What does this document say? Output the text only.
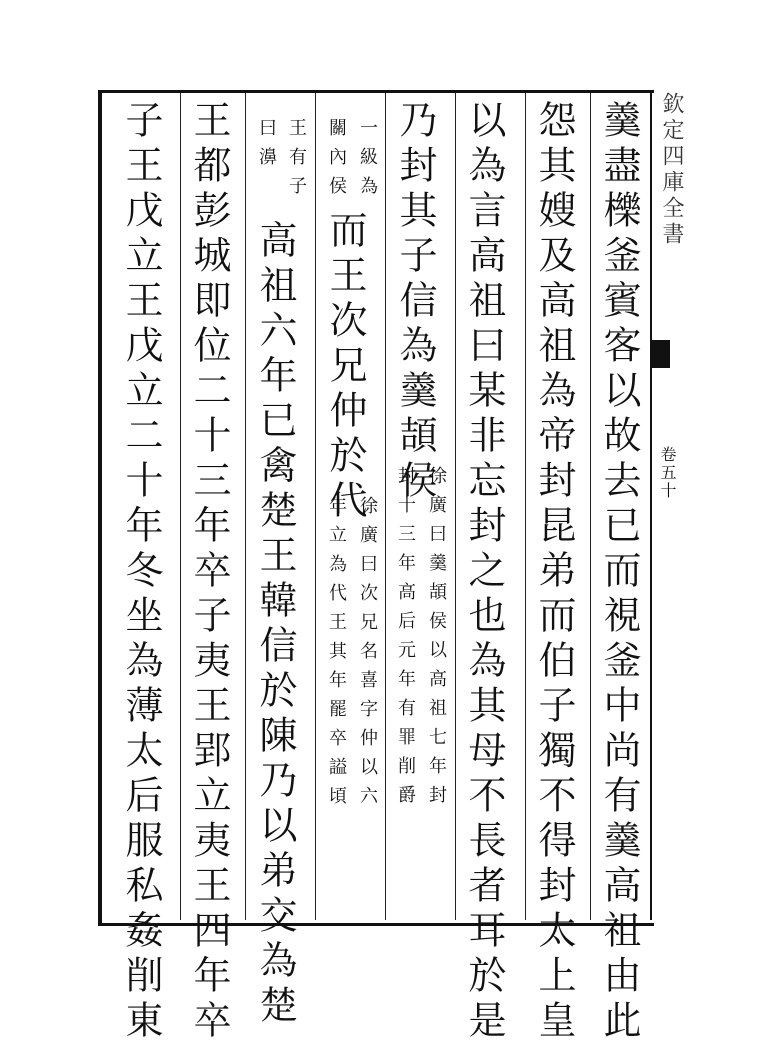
欽定四庫全書
卷五十
羹盡櫟釜賓客以故去已而視釜中尚有羹高祖由此
怨其嫂及高祖為帝封昆弟而伯子獨不得封太上皇
以為言高祖曰某非忘封之也為其母不長者耳於是
乃封其子信為羹頡侯
徐廣曰羹頡侯以高祖七年封
封十三年高后元年有罪削爵
一級為
關內侯
而王次兄仲於代
徐廣曰次兄名喜字仲以六
年立為代王其年罷卒謚頃
王有子
曰濞
高祖六年已禽楚王韓信於陳乃以弟交為楚
王都彭城即位二十三年卒子夷王郢立夷王四年卒
子王戊立王戊立二十年冬坐為薄太后服私姦削東
